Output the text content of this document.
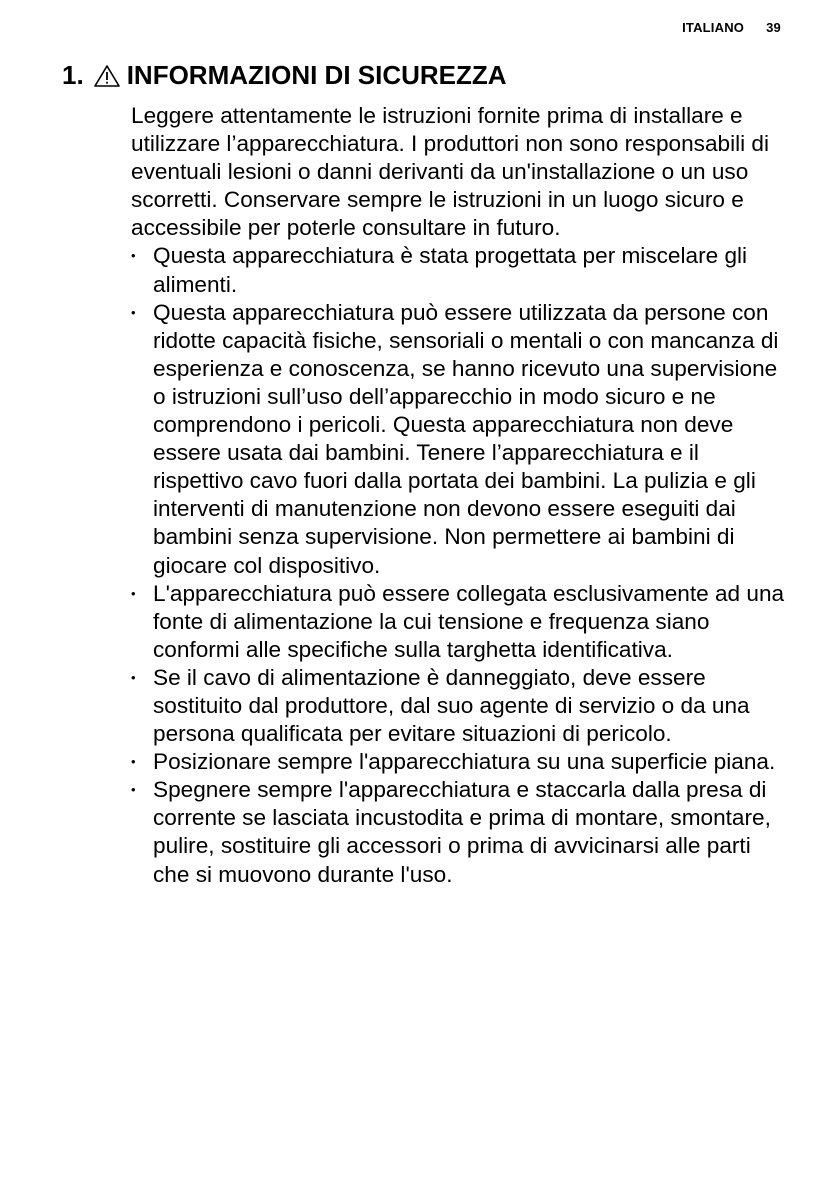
ITALIANO 39
1. INFORMAZIONI DI SICUREZZA

Leggere attentamente le istruzioni fornite prima di installare e utilizzare l’apparecchiatura. I produttori non sono responsabili di eventuali lesioni o danni derivanti da un'installazione o un uso scorretti. Conservare sempre le istruzioni in un luogo sicuro e accessibile per poterle consultare in futuro.

• Questa apparecchiatura è stata progettata per miscelare gli alimenti.
• Questa apparecchiatura può essere utilizzata da persone con ridotte capacità fisiche, sensoriali o mentali o con mancanza di esperienza e conoscenza, se hanno ricevuto una supervisione o istruzioni sull’uso dell’apparecchio in modo sicuro e ne comprendono i pericoli. Questa apparecchiatura non deve essere usata dai bambini. Tenere l’apparecchiatura e il rispettivo cavo fuori dalla portata dei bambini. La pulizia e gli interventi di manutenzione non devono essere eseguiti dai bambini senza supervisione. Non permettere ai bambini di giocare col dispositivo.
• L'apparecchiatura può essere collegata esclusivamente ad una fonte di alimentazione la cui tensione e frequenza siano conformi alle specifiche sulla targhetta identificativa.
• Se il cavo di alimentazione è danneggiato, deve essere sostituito dal produttore, dal suo agente di servizio o da una persona qualificata per evitare situazioni di pericolo.
• Posizionare sempre l'apparecchiatura su una superficie piana.
• Spegnere sempre l'apparecchiatura e staccarla dalla presa di corrente se lasciata incustodita e prima di montare, smontare, pulire, sostituire gli accessori o prima di avvicinarsi alle parti che si muovono durante l'uso.
